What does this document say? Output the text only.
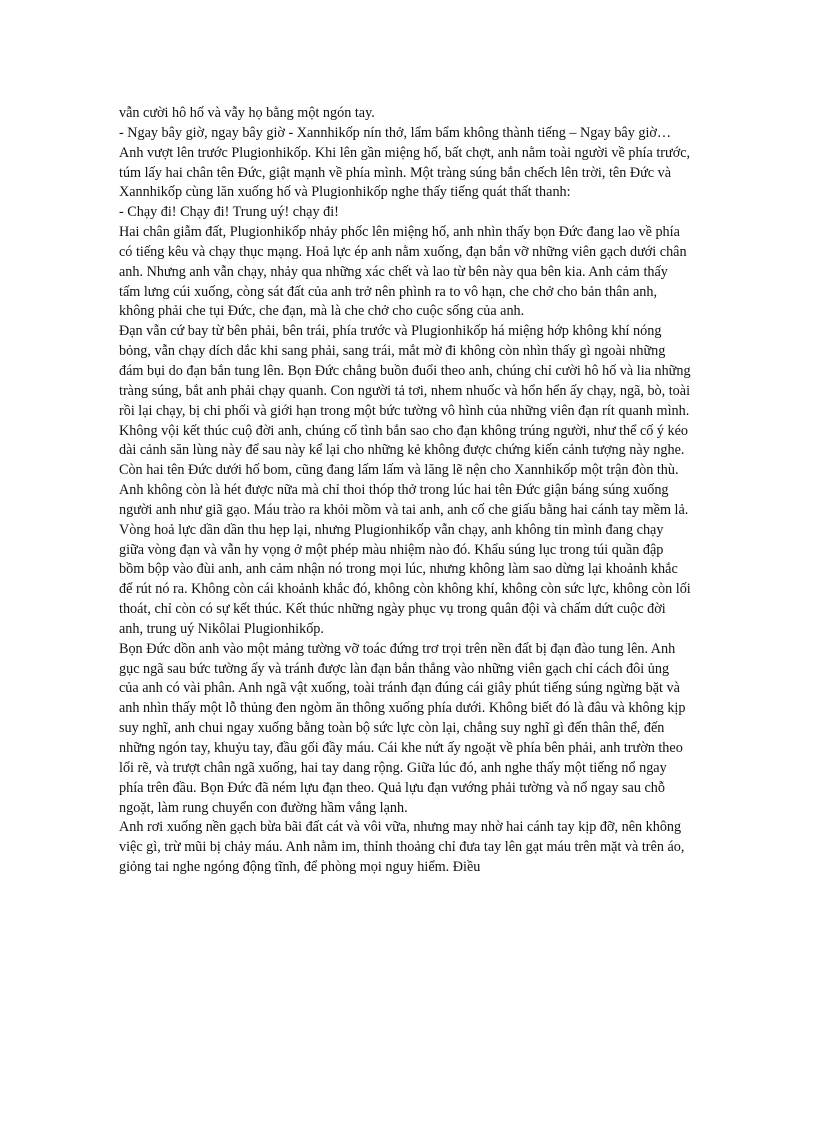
vẫn cười hô hố và vẫy họ bằng một ngón tay.

- Ngay bây giờ, ngay bây giờ - Xannhikốp nín thở, lẩm bẩm không thành tiếng – Ngay bây giờ…

Anh vượt lên trước Plugionhikốp. Khi lên gần miệng hố, bất chợt, anh nằm toài người về phía trước, túm lấy hai chân tên Đức, giật mạnh về phía mình. Một tràng súng bắn chếch lên trời, tên Đức và Xannhikốp cùng lăn xuống hố và Plugionhikốp nghe thấy tiếng quát thất thanh:

- Chạy đi! Chạy đi! Trung uý! chạy đi!

Hai chân giẫm đất, Plugionhikốp nhảy phốc lên miệng hố, anh nhìn thấy bọn Đức đang lao về phía có tiếng kêu và chạy thục mạng. Hoả lực ép anh nằm xuống, đạn bắn vỡ những viên gạch dưới chân anh. Nhưng anh vẫn chạy, nhảy qua những xác chết và lao từ bên này qua bên kia. Anh cảm thấy tấm lưng cúi xuống, còng sát đất của anh trở nên phình ra to vô hạn, che chở cho bản thân anh, không phải che tụi Đức, che đạn, mà là che chở cho cuộc sống của anh.

Đạn vẫn cứ bay từ bên phải, bên trái, phía trước và Plugionhikốp há miệng hớp không khí nóng bỏng, vẫn chạy dích dắc khi sang phải, sang trái, mắt mờ đi không còn nhìn thấy gì ngoài những đám bụi do đạn bắn tung lên. Bọn Đức chẳng buồn đuổi theo anh, chúng chỉ cười hô hố và lia những tràng súng, bắt anh phải chạy quanh. Con người tả tơi, nhem nhuốc và hổn hển ấy chạy, ngã, bò, toài rồi lại chạy, bị chi phối và giới hạn trong một bức tường vô hình của những viên đạn rít quanh mình. Không vội kết thúc cuộ đời anh, chúng cố tình bắn sao cho đạn không trúng người, như thể cố ý kéo dài cảnh săn lùng này để sau này kể lại cho những kẻ không được chứng kiến cảnh tượng này nghe. Còn hai tên Đức dưới hố bom, cũng đang lấm lấm và lăng lẽ nện cho Xannhikốp một trận đòn thù. Anh không còn là hét được nữa mà chỉ thoi thóp thở trong lúc hai tên Đức giận báng súng xuống người anh như giã gạo. Máu trào ra khỏi mồm và tai anh, anh cố che giấu bằng hai cánh tay mềm lả.

Vòng hoả lực dần dần thu hẹp lại, nhưng Plugionhikốp vẫn chạy, anh không tin mình đang chạy giữa vòng đạn và vẫn hy vọng ở một phép màu nhiệm nào đó. Khẩu súng lục trong túi quần đập bồm bộp vào đùi anh, anh cảm nhận nó trong mọi lúc, nhưng không làm sao dừng lại khoảnh khắc để rút nó ra. Không còn cái khoảnh khắc đó, không còn không khí, không còn sức lực, không còn lối thoát, chỉ còn có sự kết thúc. Kết thúc những ngày phục vụ trong quân đội và chấm dứt cuộc đời anh, trung uý Nikôlai Plugionhikốp.

Bọn Đức dồn anh vào một mảng tường vỡ toác đứng trơ trọi trên nền đất bị đạn đào tung lên. Anh gục ngã sau bức tường ấy và tránh được làn đạn bắn thẳng vào những viên gạch chỉ cách đôi ủng của anh có vài phân. Anh ngã vật xuống, toài tránh đạn đúng cái giây phút tiếng súng ngừng bặt và anh nhìn thấy một lỗ thủng đen ngòm ăn thông xuống phía dưới. Không biết đó là đâu và không kịp suy nghĩ, anh chui ngay xuống bằng toàn bộ sức lực còn lại, chẳng suy nghĩ gì đến thân thể, đến những ngón tay, khuỷu tay, đầu gối đầy máu. Cái khe nứt ấy ngoặt về phía bên phải, anh trườn theo lối rẽ, và trượt chân ngã xuống, hai tay dang rộng. Giữa lúc đó, anh nghe thấy một tiếng nổ ngay phía trên đầu. Bọn Đức đã ném lựu đạn theo. Quả lựu đạn vướng phải tường và nổ ngay sau chỗ ngoặt, làm rung chuyển con đường hầm vắng lạnh.

Anh rơi xuống nền gạch bừa bãi đất cát và vôi vữa, nhưng may nhờ hai cánh tay kịp đỡ, nên không việc gì, trừ mũi bị chảy máu. Anh nằm im, thỉnh thoảng chỉ đưa tay lên gạt máu trên mặt và trên áo, giỏng tai nghe ngóng động tĩnh, để phòng mọi nguy hiểm. Điều
